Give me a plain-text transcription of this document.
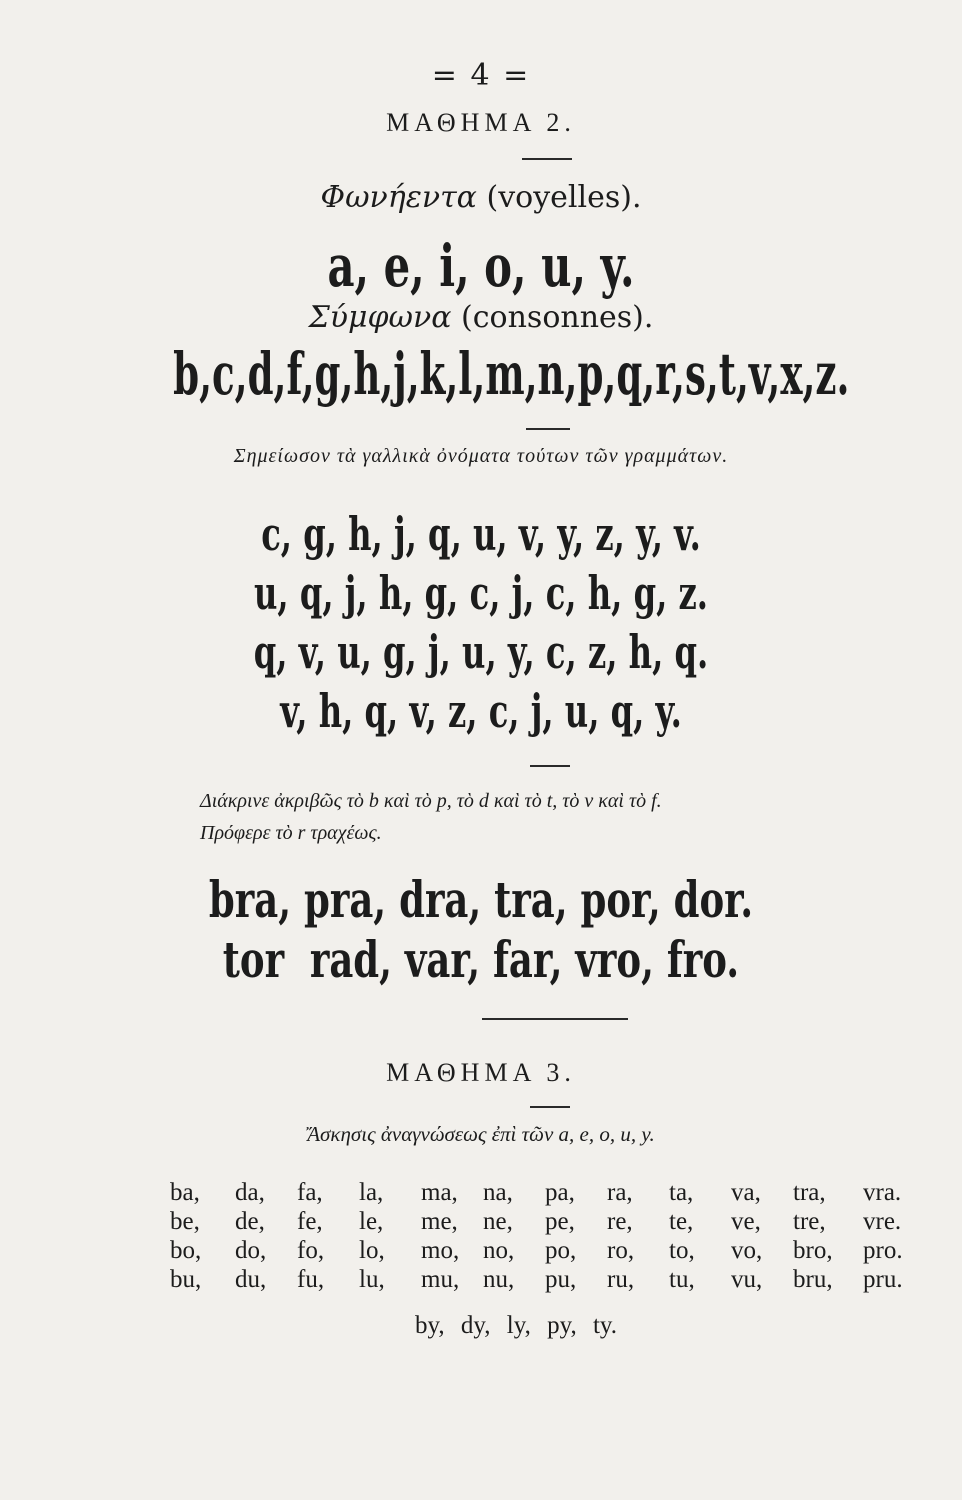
= 4 =
ΜΑΘΗΜΑ 2.
Φωνήεντα (voyelles).
a, e, i, o, u, y.
Σύμφωνα (consonnes).
b,c,d,f,g,h,j,k,l,m,n,p,q,r,s,t,v,x,z.
Σημείωσον τὰ γαλλικὰ ὀνόματα τούτων τῶν γραμμάτων.
c, g, h, j, q, u, v, y, z, y, v.
u, q, j, h, g, c, j, c, h, g, z.
q, v, u, g, j, u, y, c, z, h, q.
v, h, q, v, z, c, j, u, q, y.
Διάκρινε ἀκριβῶς τὸ b καὶ τὸ p, τὸ d καὶ τὸ t, τὸ v καὶ τὸ f.
Πρόφερε τὸ r τραχέως.
bra, pra, dra, tra, por, dor.
tor  rad, var, far, vro, fro.
ΜΑΘΗΜΑ 3.
Ἄσκησις ἀναγνώσεως ἐπὶ τῶν a, e, o, u, y.
ba,	da,	fa,	la,	ma,	na,	pa,	ra,	ta,	va,	tra,	vra.
be,	de,	fe,	le,	me,	ne,	pe,	re,	te,	ve,	tre,	vre.
bo,	do,	fo,	lo,	mo, no,	po,	ro,	to,	vo,	bro,	pro.
bu,	du,	fu,	lu,	mu, nu,	pu,	ru,	tu,	vu,	bru,	pru.
by, dy, ly, py, ty.
